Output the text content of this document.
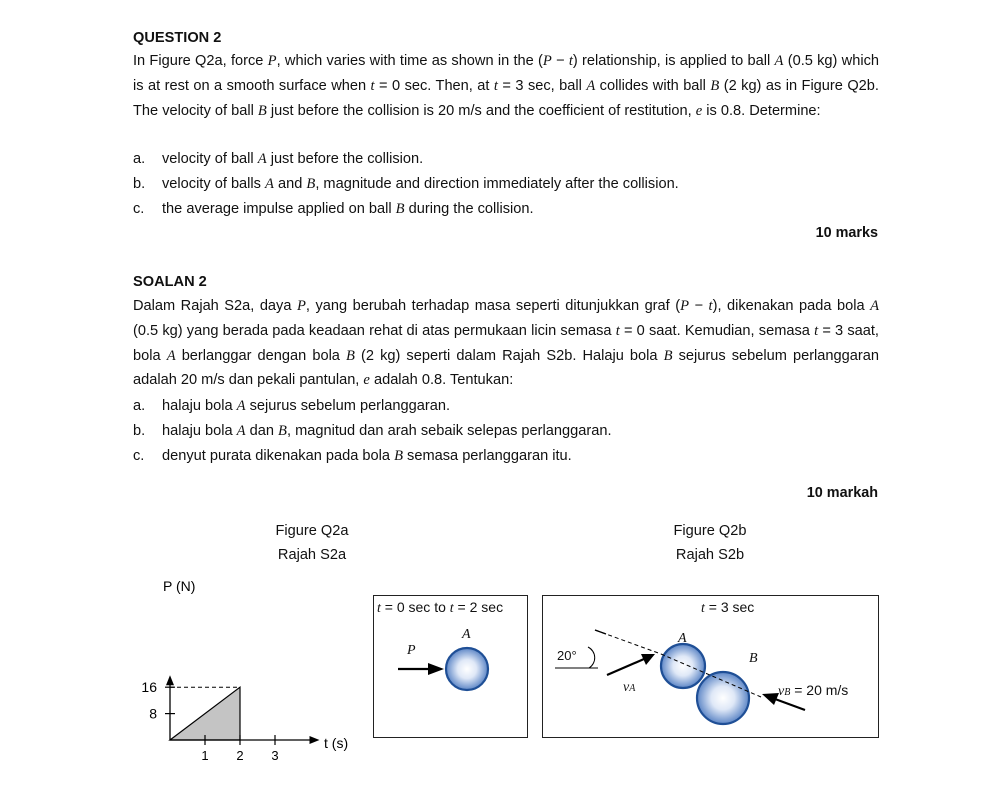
QUESTION 2
In Figure Q2a, force P, which varies with time as shown in the (P − t) relationship, is applied to ball A (0.5 kg) which is at rest on a smooth surface when t = 0 sec. Then, at t = 3 sec, ball A collides with ball B (2 kg) as in Figure Q2b. The velocity of ball B just before the collision is 20 m/s and the coefficient of restitution, e is 0.8. Determine:
a. velocity of ball A just before the collision.
b. velocity of balls A and B, magnitude and direction immediately after the collision.
c. the average impulse applied on ball B during the collision.
10 marks
SOALAN 2
Dalam Rajah S2a, daya P, yang berubah terhadap masa seperti ditunjukkan graf (P − t), dikenakan pada bola A (0.5 kg) yang berada pada keadaan rehat di atas permukaan licin semasa t = 0 saat. Kemudian, semasa t = 3 saat, bola A berlanggar dengan bola B (2 kg) seperti dalam Rajah S2b. Halaju bola B sejurus sebelum perlanggaran adalah 20 m/s dan pekali pantulan, e adalah 0.8. Tentukan:
a. halaju bola A sejurus sebelum perlanggaran.
b. halaju bola A dan B, magnitud dan arah sebaik selepas perlanggaran.
c. denyut purata dikenakan pada bola B semasa perlanggaran itu.
10 markah
Figure Q2a
Rajah S2a
Figure Q2b
Rajah S2b
P (N)
t (s)
8
16
1 2 3
t = 0 sec to t = 2 sec
P
A
t = 3 sec
20°
vA
A
B
vB = 20 m/s
